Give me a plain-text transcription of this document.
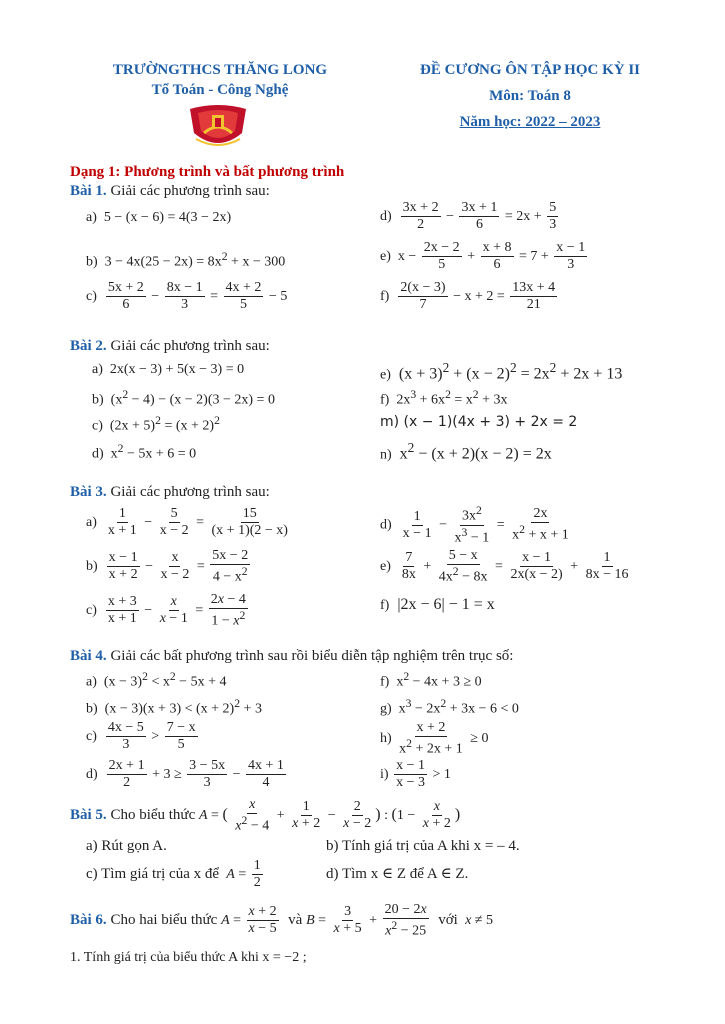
TRƯỜNGTHCS THĂNG LONG
Tổ Toán - Công Nghệ
ĐỀ CƯƠNG ÔN TẬP HỌC KỲ II
Môn: Toán 8
Năm học: 2022 – 2023
Dạng 1: Phương trình và bất phương trình
Bài 1. Giải các phương trình sau:
a)  5 − (x − 6) = 4(3 − 2x)	$d) \frac{3x + 2}{2} - \frac{3x + 1}{6} = 2x + \frac{5}{3}$
b)  $3 - 4x(25 - 2x) = 8x^2 + x - 300$	e)  $x - \frac{2x - 2}{5} + \frac{x + 8}{6} = 7 + \frac{x - 1}{3}$
$c) \frac{5x + 2}{6} - \frac{8x - 1}{3} = \frac{4x + 2}{5} - 5$	$f) \frac{2(x - 3)}{7} - x + 2 = \frac{13x + 4}{21}$
Bài 2. Giải các phương trình sau:
a)  2x(x − 3) + 5(x − 3) = 0	e)  $(x + 3)^2 + (x - 2)^2 = 2x^2 + 2x + 13$
b)  $(x^2 - 4) - (x - 2)(3 - 2x) = 0$	f)  $2x^3 + 6x^2 = x^2 + 3x$
c)  $(2x + 5)^2 = (x + 2)^2$	m) (x − 1)(4x + 3) + 2x = 2
d)  $x^2 - 5x + 6 = 0$	n)  $x^2 - (x + 2)(x - 2) = 2x$
Bài 3. Giải các phương trình sau:
$a) \frac{1}{x + 1} - \frac{5}{x - 2} = \frac{15}{(x + 1)(2 - x)}$	$d) \frac{1}{x - 1} - \frac{3x^2}{x^3 - 1} = \frac{2x}{x^2 + x + 1}$
$b) \frac{x - 1}{x + 2} - \frac{x}{x - 2} = \frac{5x - 2}{4 - x^2}$	$e) \frac{7}{8x} + \frac{5 - x}{4x^2 - 8x} = \frac{x - 1}{2x(x - 2)} + \frac{1}{8x - 16}$
$c) \frac{x + 3}{x + 1} - \frac{x}{x - 1} = \frac{2x - 4}{1 - x^2}$	f)  |2x − 6| − 1 = x
Bài 4. Giải các bất phương trình sau rồi biểu diễn tập nghiệm trên trục số:
a)  $(x - 3)^2 < x^2 - 5x + 4$	f)  $x^2 - 4x + 3 \ge 0$
b)  $(x - 3)(x + 3) < (x + 2)^2 + 3$	g)  $x^3 - 2x^2 + 3x - 6 < 0$
$c) \frac{4x - 5}{3} > \frac{7 - x}{5}$	$h) \frac{x + 2}{x^2 + 2x + 1} \ge 0$
$d) \frac{2x + 1}{2} + 3 \ge \frac{3 - 5x}{3} - \frac{4x + 1}{4}$	$i) \frac{x - 1}{x - 3} > 1$
Bài 5. Cho biểu thức A = ( $\frac{x}{x^2 - 4} + \frac{1}{x + 2} - \frac{2}{x - 2}$ ) : ($1 - \frac{x}{x + 2}$ )
a) Rút gọn A.	b) Tính giá trị của A khi x = – 4.
c) Tìm giá trị của x để $A = \frac{1}{2}$	d) Tìm x ∈ Z để A ∈ Z.
Bài 6. Cho hai biểu thức $A = \frac{x + 2}{x - 5}$ và $B = \frac{3}{x + 5} + \frac{20 - 2x}{x^2 - 25}$ với x ≠ 5
1. Tính giá trị của biểu thức A khi x = −2 ;
